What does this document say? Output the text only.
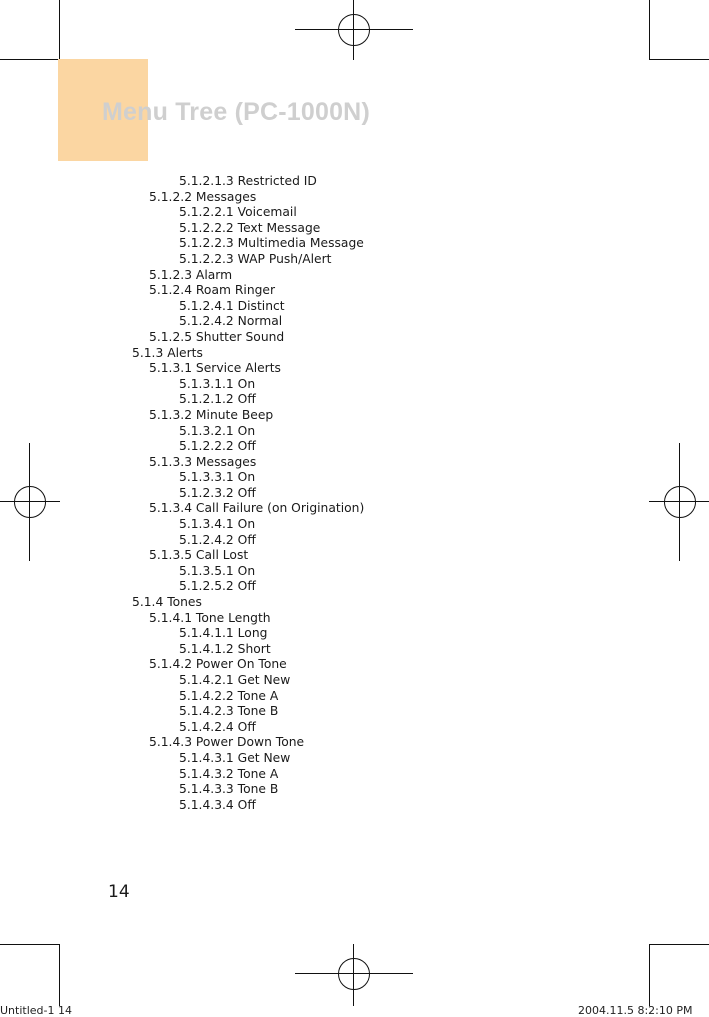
Menu Tree (PC-1000N)
5.1.2.1.3 Restricted ID
5.1.2.2 Messages
5.1.2.2.1 Voicemail
5.1.2.2.2 Text Message
5.1.2.2.3 Multimedia Message
5.1.2.2.3 WAP Push/Alert
5.1.2.3 Alarm
5.1.2.4 Roam Ringer
5.1.2.4.1 Distinct
5.1.2.4.2 Normal
5.1.2.5 Shutter Sound
5.1.3 Alerts
5.1.3.1 Service Alerts
5.1.3.1.1 On
5.1.2.1.2 Off
5.1.3.2 Minute Beep
5.1.3.2.1 On
5.1.2.2.2 Off
5.1.3.3 Messages
5.1.3.3.1 On
5.1.2.3.2 Off
5.1.3.4 Call Failure (on Origination)
5.1.3.4.1 On
5.1.2.4.2 Off
5.1.3.5 Call Lost
5.1.3.5.1 On
5.1.2.5.2 Off
5.1.4 Tones
5.1.4.1 Tone Length
5.1.4.1.1 Long
5.1.4.1.2 Short
5.1.4.2 Power On Tone
5.1.4.2.1 Get New
5.1.4.2.2 Tone A
5.1.4.2.3 Tone B
5.1.4.2.4 Off
5.1.4.3 Power Down Tone
5.1.4.3.1 Get New
5.1.4.3.2 Tone A
5.1.4.3.3 Tone B
5.1.4.3.4 Off
14
Untitled-1 14	2004.11.5 8:2:10 PM
